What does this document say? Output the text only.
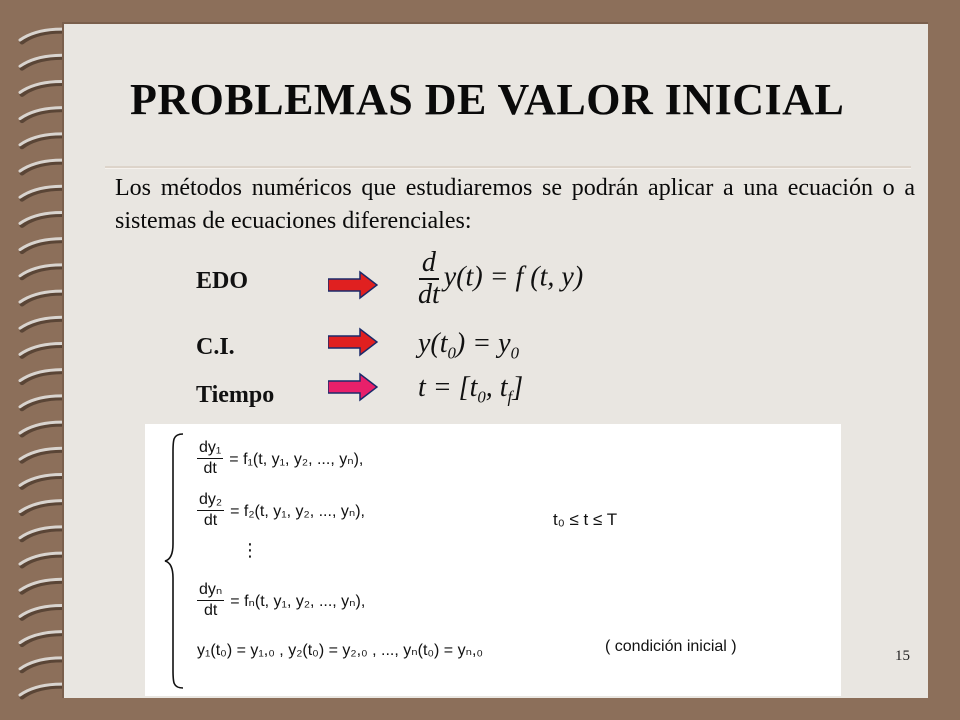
PROBLEMAS DE VALOR INICIAL

Los métodos numéricos que estudiaremos se podrán aplicar a una ecuación o a sistemas de ecuaciones diferenciales:

EDO	$\frac{d}{dt} y(t) = f$ (t, y)
C.I.	$y(t_0) = y_0$
Tiempo	$t = [t_0$, $t_f$]
$\frac{\text{dy₁}}{dt} = f_1(t$, y₁, y₂, ..., yₙ),
$\frac{\text{dy₂}}{dt} = f_2(t$, y₁, y₂, ..., yₙ),	t₀ ≤ t ≤ T
⋮
dyₙ
dt
= fₙ(t, y₁, y₂, ..., yₙ),
y₁(t₀) = y₁,₀ , y₂(t₀) = y₂,₀ , ..., yₙ(t₀) = yₙ,₀	( condición inicial )
15
